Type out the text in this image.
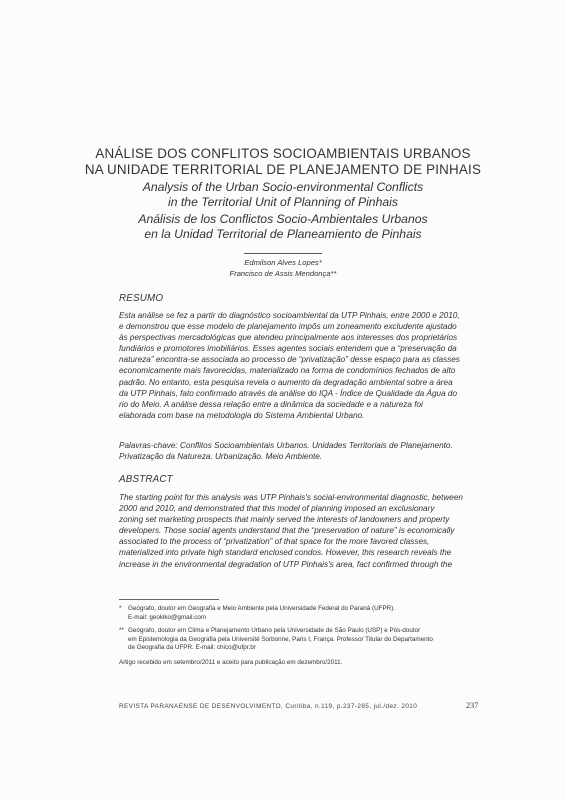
ANÁLISE DOS CONFLITOS SOCIOAMBIENTAIS URBANOS

NA UNIDADE TERRITORIAL DE PLANEJAMENTO DE PINHAIS

Analysis of the Urban Socio-environmental Conflicts

in the Territorial Unit of Planning of Pinhais

Análisis de los Conflictos Socio-Ambientales Urbanos

en la Unidad Territorial de Planeamiento de Pinhais

Edmilson Alves Lopes*
Francisco de Assis Mendonça**
RESUMO
Esta análise se fez a partir do diagnóstico socioambiental da UTP Pinhais, entre 2000 e 2010,
e demonstrou que esse modelo de planejamento impôs um zoneamento excludente ajustado
às perspectivas mercadológicas que atendeu principalmente aos interesses dos proprietários
fundiários e promotores imobiliários. Esses agentes sociais entendem que a “preservação da
natureza” encontra-se associada ao processo de “privatização” desse espaço para as classes
economicamente mais favorecidas, materializado na forma de condomínios fechados de alto
padrão. No entanto, esta pesquisa revela o aumento da degradação ambiental sobre a área
da UTP Pinhais, fato confirmado através da análise do IQA - Índice de Qualidade da Água do
rio do Meio. A análise dessa relação entre a dinâmica da sociedade e a natureza foi
elaborada com base na metodologia do Sistema Ambiental Urbano.
Palavras-chave: Conflitos Socioambientais Urbanos. Unidades Territoriais de Planejamento.
Privatização da Natureza. Urbanização. Meio Ambiente.
ABSTRACT
The starting point for this analysis was UTP Pinhais's social-environmental diagnostic, between
2000 and 2010, and demonstrated that this model of planning imposed an exclusionary
zoning set marketing prospects that mainly served the interests of landowners and property
developers. Those social agents understand that the “preservation of nature” is economically
associated to the process of “privatization” of that space for the more favored classes,
materialized into private high standard enclosed condos. However, this research reveals the
increase in the environmental degradation of UTP Pinhais's area, fact confirmed through the
* Geógrafo, doutor em Geografia e Meio Ambiente pela Universidade Federal do Paraná (UFPR).
E-mail: geokiko@gmail.com
** Geógrafo, doutor em Clima e Planejamento Urbano pela Universidade de São Paulo (USP) e Pós-doutor
em Epistemologia da Geografia pela Université Sorbonne, Paris I, França. Professor Titular do Departamento
de Geografia da UFPR. E-mail: chico@ufpr.br
Artigo recebido em setembro/2011 e aceito para publicação em dezembro/2011.
REVISTA PARANAENSE DE DESENVOLVIMENTO, Curitiba, n.119, p.237-265, jul./dez. 2010	237
